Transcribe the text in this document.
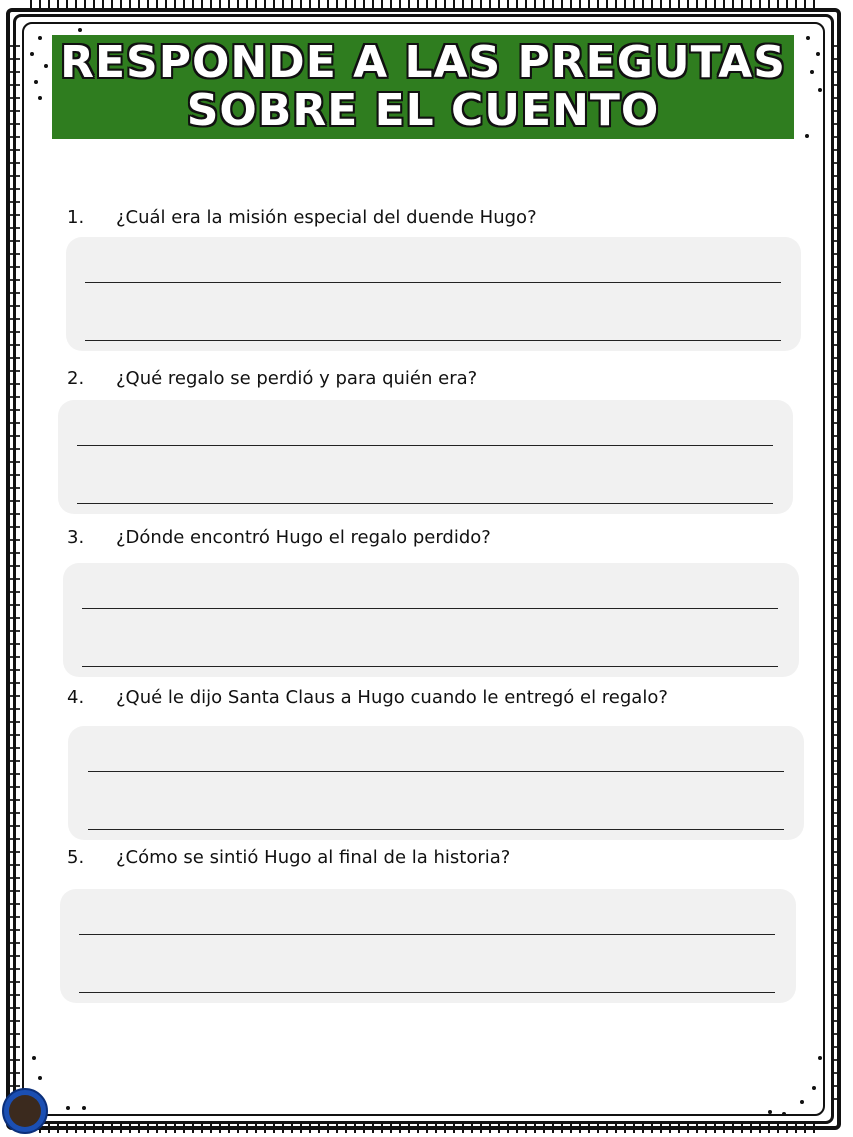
RESPONDE A LAS PREGUTAS
SOBRE EL CUENTO
1. ¿Cuál era la misión especial del duende Hugo?
2. ¿Qué regalo se perdió y para quién era?
3. ¿Dónde encontró Hugo el regalo perdido?
4. ¿Qué le dijo Santa Claus a Hugo cuando le entregó el regalo?
5. ¿Cómo se sintió Hugo al final de la historia?
